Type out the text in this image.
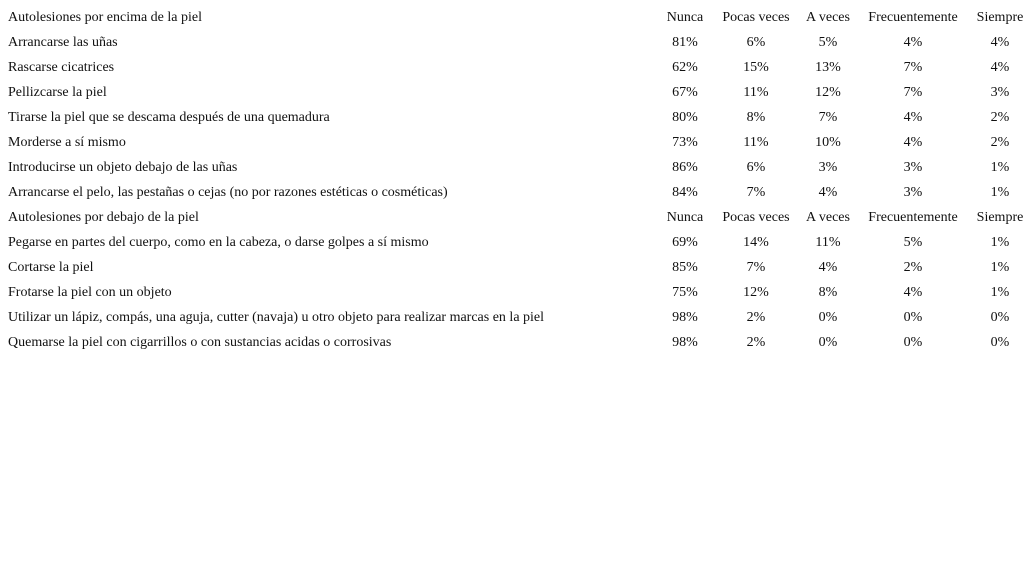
Autolesiones por encima de la piel	Nunca	Pocas veces	A veces	Frecuentemente	Siempre
Arrancarse las uñas	81%	6%	5%	4%	4%
Rascarse cicatrices	62%	15%	13%	7%	4%
Pellizcarse la piel	67%	11%	12%	7%	3%
Tirarse la piel que se descama después de una quemadura	80%	8%	7%	4%	2%
Morderse a sí mismo	73%	11%	10%	4%	2%
Introducirse un objeto debajo de las uñas	86%	6%	3%	3%	1%
Arrancarse el pelo, las pestañas o cejas (no por razones estéticas o cosméticas)	84%	7%	4%	3%	1%
Autolesiones por debajo de la piel	Nunca	Pocas veces	A veces	Frecuentemente	Siempre
Pegarse en partes del cuerpo, como en la cabeza, o darse golpes a sí mismo	69%	14%	11%	5%	1%
Cortarse la piel	85%	7%	4%	2%	1%
Frotarse la piel con un objeto	75%	12%	8%	4%	1%
Utilizar un lápiz, compás, una aguja, cutter (navaja) u otro objeto para realizar marcas en la piel	98%	2%	0%	0%	0%
Quemarse la piel con cigarrillos o con sustancias acidas o corrosivas	98%	2%	0%	0%	0%
